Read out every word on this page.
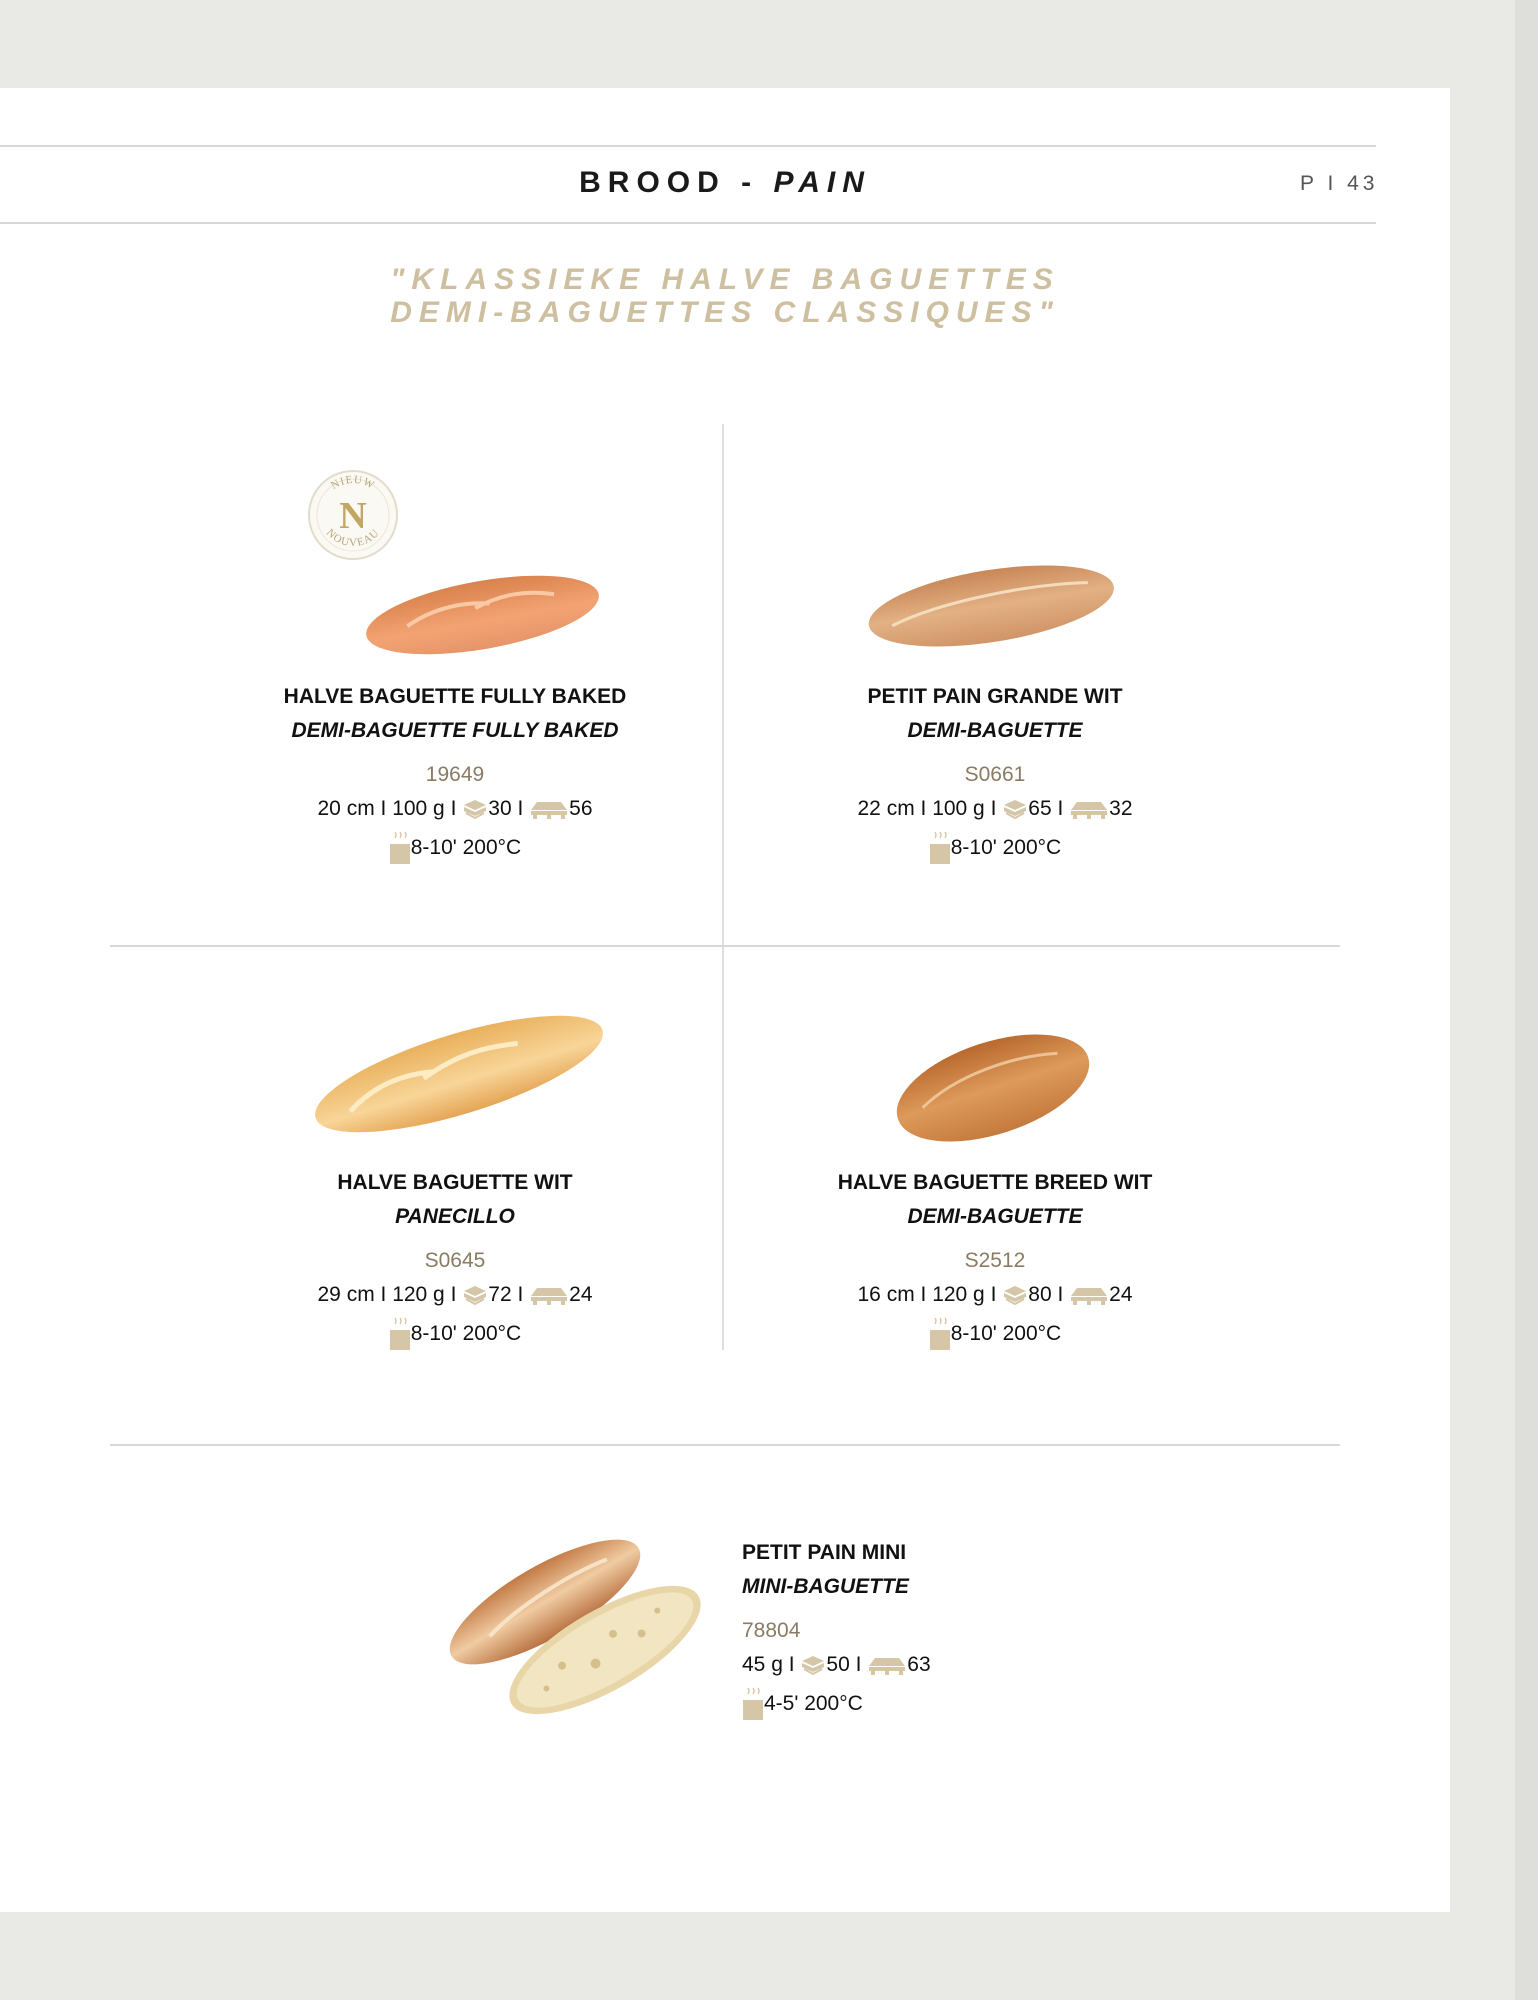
BROOD - PAIN	P I 43
"KLASSIEKE HALVE BAGUETTES
DEMI-BAGUETTES CLASSIQUES"
NIEUW
NOUVEAU
N
HALVE BAGUETTE FULLY BAKED
DEMI-BAGUETTE FULLY BAKED
19649
20 cm I 100 g I 30 I 56
8-10' 200°C
PETIT PAIN GRANDE WIT
DEMI-BAGUETTE
S0661
22 cm I 100 g I 65 I 32
8-10' 200°C
HALVE BAGUETTE WIT
PANECILLO
S0645
29 cm I 120 g I 72 I 24
8-10' 200°C
HALVE BAGUETTE BREED WIT
DEMI-BAGUETTE
S2512
16 cm I 120 g I 80 I 24
8-10' 200°C
PETIT PAIN MINI
MINI-BAGUETTE
78804
45 g I 50 I 63
4-5' 200°C
